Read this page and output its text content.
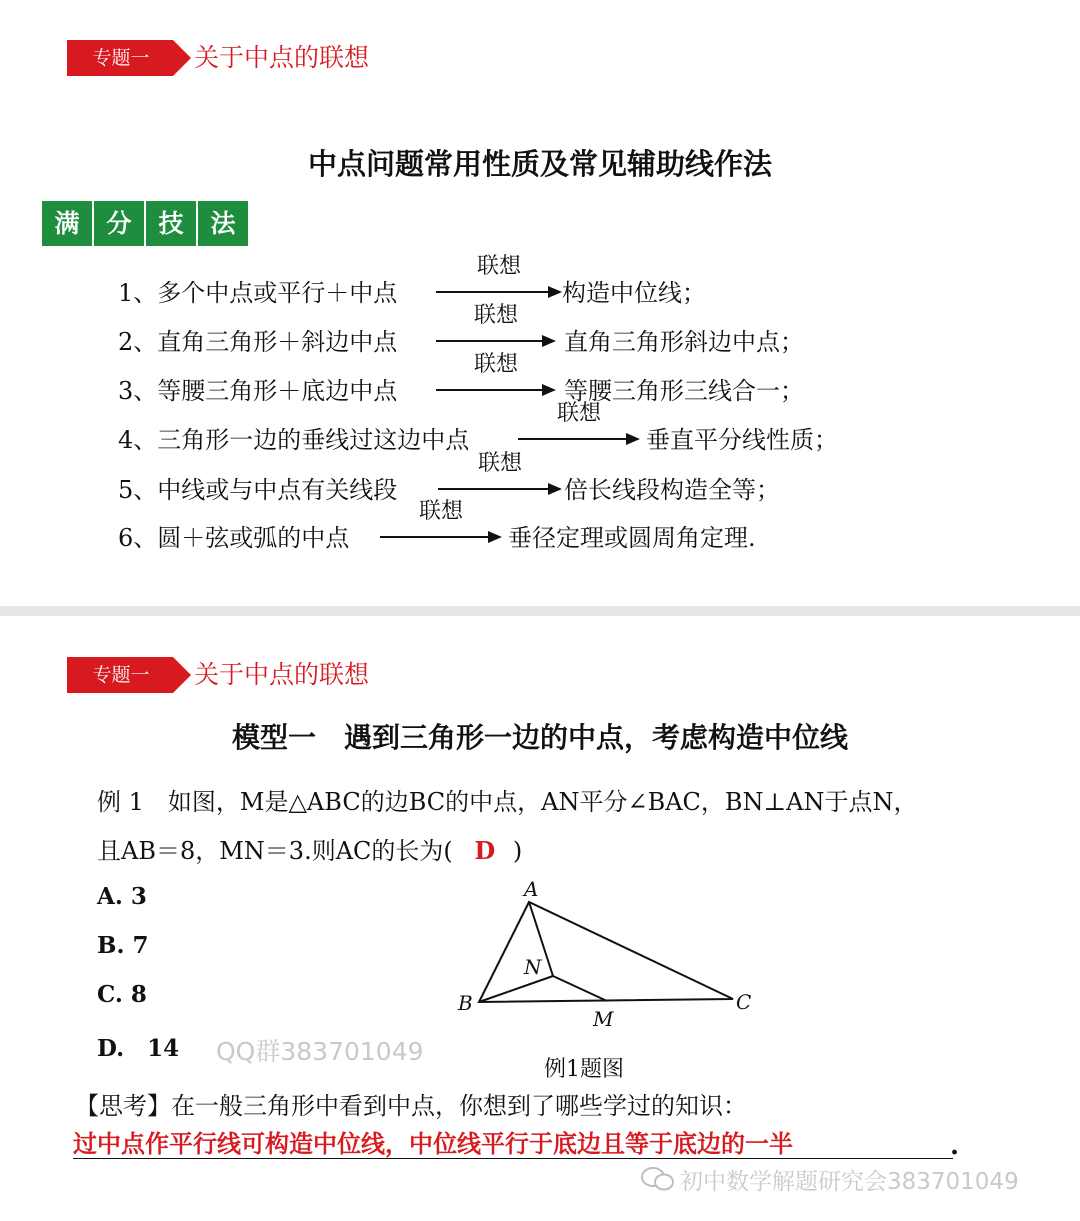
专题一	关于中点的联想
中点问题常用性质及常见辅助线作法
满	分	技	法
1、多个中点或平行＋中点
联想
构造中位线；
2、直角三角形＋斜边中点
联想
直角三角形斜边中点；
3、等腰三角形＋底边中点
联想
等腰三角形三线合一；
4、三角形一边的垂线过这边中点
联想
垂直平分线性质；
5、中线或与中点有关线段
联想
倍长线段构造全等；
6、圆＋弦或弧的中点
联想
垂径定理或圆周角定理.
专题一	关于中点的联想
模型一　遇到三角形一边的中点，考虑构造中位线
例 1　如图，M是△ABC的边BC的中点，AN平分∠BAC，BN⊥AN于点N，
且AB＝8，MN＝3.则AC的长为( D )
A. 3
B. 7
C. 8
D.　14 QQ群383701049
A
B	C
N
M
例1题图
【思考】在一般三角形中看到中点，你想到了哪些学过的知识：
过中点作平行线可构造中位线，中位线平行于底边且等于底边的一半	.
初中数学解题研究会383701049
